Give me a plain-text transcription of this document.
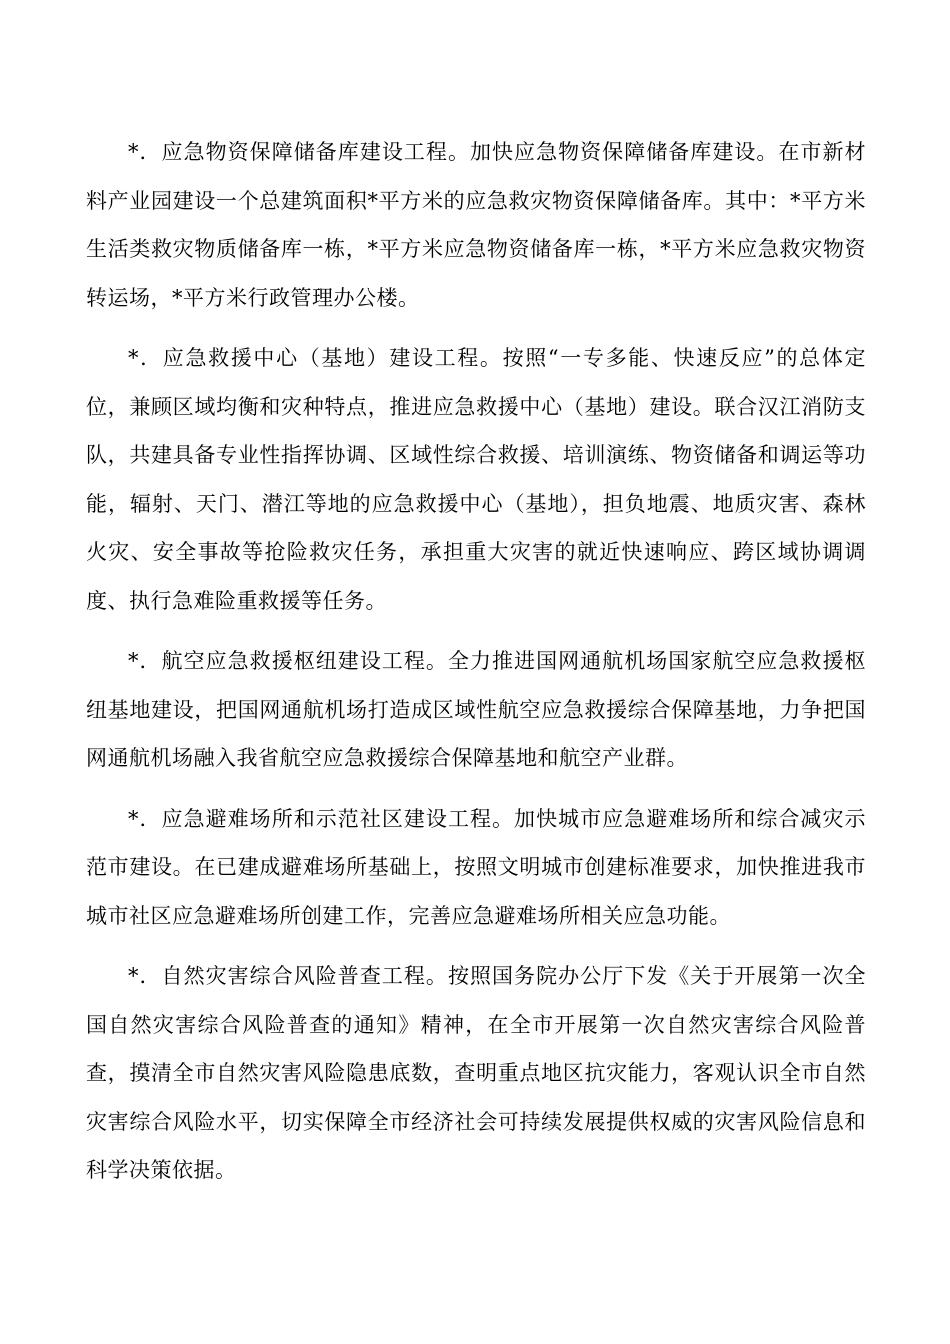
*．应急物资保障储备库建设工程。加快应急物资保障储备库建设。在市新材料产业园建设一个总建筑面积*平方米的应急救灾物资保障储备库。其中：*平方米生活类救灾物质储备库一栋，*平方米应急物资储备库一栋，*平方米应急救灾物资转运场，*平方米行政管理办公楼。

*．应急救援中心（基地）建设工程。按照“一专多能、快速反应”的总体定位，兼顾区域均衡和灾种特点，推进应急救援中心（基地）建设。联合汉江消防支队，共建具备专业性指挥协调、区域性综合救援、培训演练、物资储备和调运等功能，辐射、天门、潜江等地的应急救援中心（基地），担负地震、地质灾害、森林火灾、安全事故等抢险救灾任务，承担重大灾害的就近快速响应、跨区域协调调度、执行急难险重救援等任务。

*．航空应急救援枢纽建设工程。全力推进国网通航机场国家航空应急救援枢纽基地建设，把国网通航机场打造成区域性航空应急救援综合保障基地，力争把国网通航机场融入我省航空应急救援综合保障基地和航空产业群。

*．应急避难场所和示范社区建设工程。加快城市应急避难场所和综合减灾示范市建设。在已建成避难场所基础上，按照文明城市创建标准要求，加快推进我市城市社区应急避难场所创建工作，完善应急避难场所相关应急功能。

*．自然灾害综合风险普查工程。按照国务院办公厅下发《关于开展第一次全国自然灾害综合风险普查的通知》精神，在全市开展第一次自然灾害综合风险普查，摸清全市自然灾害风险隐患底数，查明重点地区抗灾能力，客观认识全市自然灾害综合风险水平，切实保障全市经济社会可持续发展提供权威的灾害风险信息和科学决策依据。
